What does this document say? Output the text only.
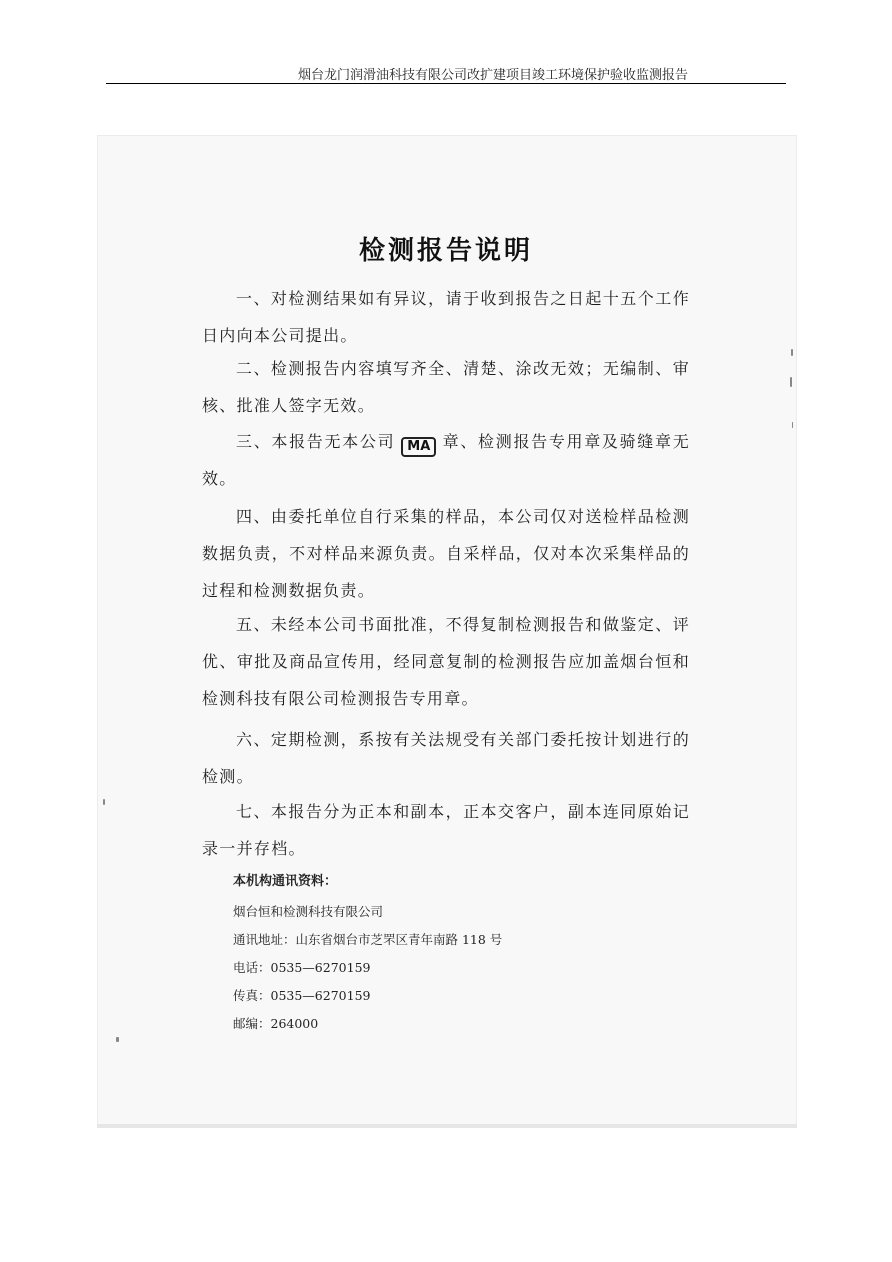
烟台龙门润滑油科技有限公司改扩建项目竣工环境保护验收监测报告
检测报告说明

一、对检测结果如有异议，请于收到报告之日起十五个工作日内向本公司提出。

二、检测报告内容填写齐全、清楚、涂改无效；无编制、审核、批准人签字无效。

三、本报告无本公司 MA 章、检测报告专用章及骑缝章无效。

四、由委托单位自行采集的样品，本公司仅对送检样品检测数据负责，不对样品来源负责。自采样品，仅对本次采集样品的过程和检测数据负责。

五、未经本公司书面批准，不得复制检测报告和做鉴定、评优、审批及商品宣传用，经同意复制的检测报告应加盖烟台恒和检测科技有限公司检测报告专用章。

六、定期检测，系按有关法规受有关部门委托按计划进行的检测。

七、本报告分为正本和副本，正本交客户，副本连同原始记录一并存档。

本机构通讯资料：
烟台恒和检测科技有限公司
通讯地址：山东省烟台市芝罘区青年南路 118 号
电话：0535—6270159
传真：0535—6270159
邮编：264000
